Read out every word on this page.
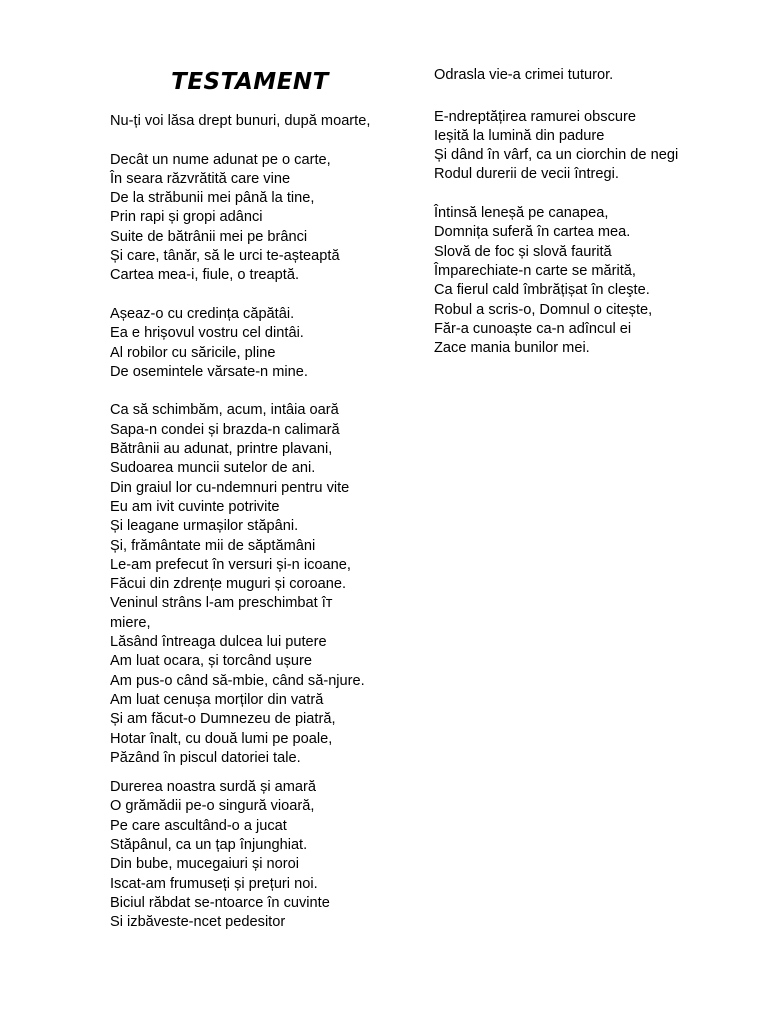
TESTAMENT
Nu-ți voi lăsa drept bunuri, după moarte,
Decât un nume adunat pe o carte,
În seara răzvrătită care vine
De la străbunii mei până la tine,
Prin rapi și gropi adânci
Suite de bătrânii mei pe brânci
Și care, tânăr, să le urci te-așteaptă
Cartea mea-i, fiule, o treaptă.
Așeaz-o cu credința căpătâi.
Ea e hrișovul vostru cel dintâi.
Al robilor cu săricile, pline
De osemintele vărsate-n mine.
Ca să schimbăm, acum, intâia oară
Sapa-n condei și brazda-n calimară
Bătrânii au adunat, printre plavani,
Sudoarea muncii sutelor de ani.
Din graiul lor cu-ndemnuri pentru vite
Eu am ivit cuvinte potrivite
Și leagane urmașilor stăpâni.
Și, frământate mii de săptămâni
Le-am prefecut în versuri și-n icoane,
Făcui din zdrențe muguri și coroane.
Veninul strâns l-am preschimbat îт
miere,
Lăsând întreaga dulcea lui putere
Am luat ocara, și torcând ușure
Am pus-o când să-mbie, când să-njure.
Am luat cenușa morților din vatră
Și am făcut-o Dumnezeu de piatră,
Hotar înalt, cu două lumi pe poale,
Păzând în piscul datoriei tale.
Durerea noastra surdă și amară
O grămădii pe-o singură vioară,
Pe care ascultând-o a jucat
Stăpânul, ca un țap înjunghiat.
Din bube, mucegaiuri și noroi
Iscat-am frumuseți și prețuri noi.
Biciul răbdat se-ntoarce în cuvinte
Si izbăveste-ncet pedesitor
Odrasla vie-a crimei tuturor.
E-ndreptățirea ramurei obscure
Ieșită la lumină din padure
Și dând în vârf, ca un ciorchin de negi
Rodul durerii de vecii întregi.
Întinsă leneșă pe canapea,
Domnița suferă în cartea mea.
Slovă de foc și slovă faurită
Împarechiate-n carte se mărită,
Ca fierul cald îmbrățișat în cleşte.
Robul a scris-o, Domnul o citește,
Făr-a cunoaște ca-n adîncul ei
Zace mania bunilor mei.
